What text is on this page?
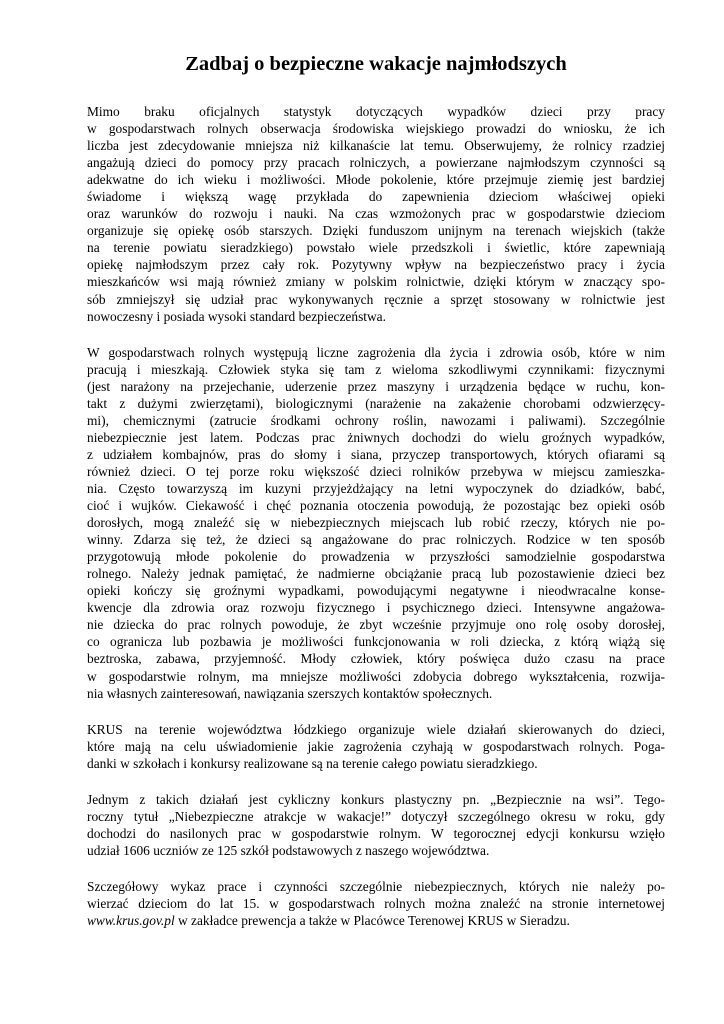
Zadbaj o bezpieczne wakacje najmłodszych

Mimo braku oficjalnych statystyk dotyczących wypadków dzieci przy pracy
w gospodarstwach rolnych obserwacja środowiska wiejskiego prowadzi do wniosku, że ich
liczba jest zdecydowanie mniejsza niż kilkanaście lat temu. Obserwujemy, że rolnicy rzadziej
angażują dzieci do pomocy przy pracach rolniczych, a powierzane najmłodszym czynności są
adekwatne do ich wieku i możliwości. Młode pokolenie, które przejmuje ziemię jest bardziej
świadome i większą wagę przykłada do zapewnienia dzieciom właściwej opieki
oraz warunków do rozwoju i nauki. Na czas wzmożonych prac w gospodarstwie dzieciom
organizuje się opiekę osób starszych. Dzięki funduszom unijnym na terenach wiejskich (także
na terenie powiatu sieradzkiego) powstało wiele przedszkoli i świetlic, które zapewniają
opiekę najmłodszym przez cały rok. Pozytywny wpływ na bezpieczeństwo pracy i życia
mieszkańców wsi mają również zmiany w polskim rolnictwie, dzięki którym w znaczący spo-
sób zmniejszył się udział prac wykonywanych ręcznie a sprzęt stosowany w rolnictwie jest
nowoczesny i posiada wysoki standard bezpieczeństwa.

W gospodarstwach rolnych występują liczne zagrożenia dla życia i zdrowia osób, które w nim
pracują i mieszkają. Człowiek styka się tam z wieloma szkodliwymi czynnikami: fizycznymi
(jest narażony na przejechanie, uderzenie przez maszyny i urządzenia będące w ruchu, kon-
takt z dużymi zwierzętami), biologicznymi (narażenie na zakażenie chorobami odzwierzęcy-
mi), chemicznymi (zatrucie środkami ochrony roślin, nawozami i paliwami). Szczególnie
niebezpiecznie jest latem. Podczas prac żniwnych dochodzi do wielu groźnych wypadków,
z udziałem kombajnów, pras do słomy i siana, przyczep transportowych, których ofiarami są
również dzieci. O tej porze roku większość dzieci rolników przebywa w miejscu zamieszka-
nia. Często towarzyszą im kuzyni przyjeżdżający na letni wypoczynek do dziadków, babć,
cioć i wujków. Ciekawość i chęć poznania otoczenia powodują, że pozostając bez opieki osób
dorosłych, mogą znaleźć się w niebezpiecznych miejscach lub robić rzeczy, których nie po-
winny. Zdarza się też, że dzieci są angażowane do prac rolniczych. Rodzice w ten sposób
przygotowują młode pokolenie do prowadzenia w przyszłości samodzielnie gospodarstwa
rolnego. Należy jednak pamiętać, że nadmierne obciążanie pracą lub pozostawienie dzieci bez
opieki kończy się groźnymi wypadkami, powodującymi negatywne i nieodwracalne konse-
kwencje dla zdrowia oraz rozwoju fizycznego i psychicznego dzieci. Intensywne angażowa-
nie dziecka do prac rolnych powoduje, że zbyt wcześnie przyjmuje ono rolę osoby dorosłej,
co ogranicza lub pozbawia je możliwości funkcjonowania w roli dziecka, z którą wiążą się
beztroska, zabawa, przyjemność. Młody człowiek, który poświęca dużo czasu na prace
w gospodarstwie rolnym, ma mniejsze możliwości zdobycia dobrego wykształcenia, rozwija-
nia własnych zainteresowań, nawiązania szerszych kontaktów społecznych.

KRUS na terenie województwa łódzkiego organizuje wiele działań skierowanych do dzieci,
które mają na celu uświadomienie jakie zagrożenia czyhają w gospodarstwach rolnych. Poga-
danki w szkołach i konkursy realizowane są na terenie całego powiatu sieradzkiego.

Jednym z takich działań jest cykliczny konkurs plastyczny pn. „Bezpiecznie na wsi”. Tego-
roczny tytuł „Niebezpieczne atrakcje w wakacje!” dotyczył szczególnego okresu w roku, gdy
dochodzi do nasilonych prac w gospodarstwie rolnym. W tegorocznej edycji konkursu wzięło
udział 1606 uczniów ze 125 szkół podstawowych z naszego województwa.

Szczegółowy wykaz prace i czynności szczególnie niebezpiecznych, których nie należy po-
wierzać dzieciom do lat 15. w gospodarstwach rolnych można znaleźć na stronie internetowej
www.krus.gov.pl w zakładce prewencja a także w Placówce Terenowej KRUS w Sieradzu.
